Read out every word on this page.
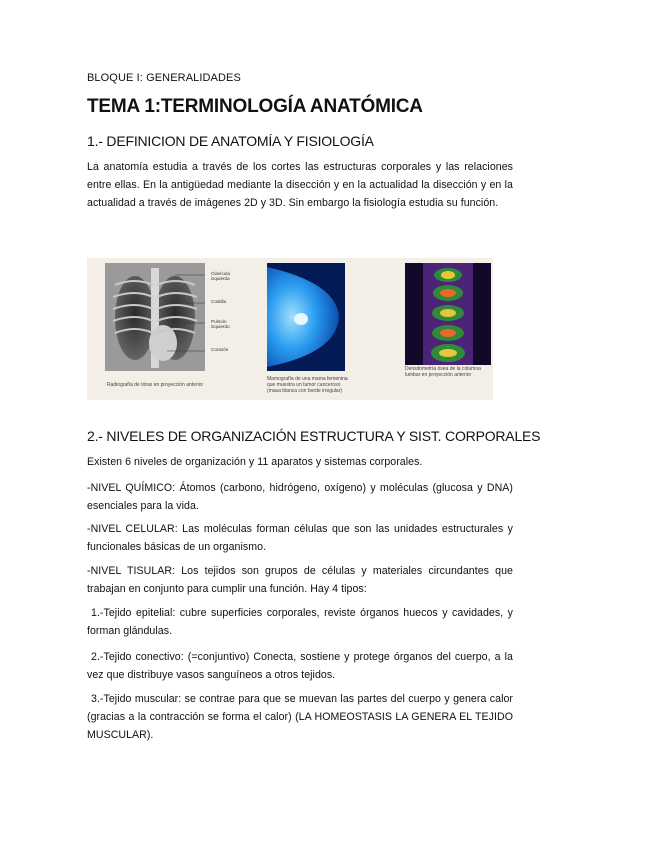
BLOQUE I: GENERALIDADES
TEMA 1:TERMINOLOGÍA ANATÓMICA
1.- DEFINICION DE ANATOMÍA Y FISIOLOGÍA
La anatomía estudia a través de los cortes las estructuras corporales y las relaciones entre ellas. En la antigüedad mediante la disección y en la actualidad la disección y en la actualidad a través de imágenes 2D y 3D. Sin embargo la fisiología estudia su función.
Clavícula izquierda
Costilla
Pulmón izquierdo
Corazón
Radiografía de tórax en proyección anterior
Mamografía de una mama femenina que muestra un tumor canceroso (masa blanca con borde irregular)
Densitometría ósea de la columna lumbar en proyección anterior
2.- NIVELES DE ORGANIZACIÓN ESTRUCTURA Y SIST. CORPORALES
Existen 6 niveles de organización y 11 aparatos y sistemas corporales.
-NIVEL QUÍMICO: Átomos (carbono, hidrógeno, oxígeno) y moléculas (glucosa y DNA) esenciales para la vida.
-NIVEL CELULAR: Las moléculas forman células que son las unidades estructurales y funcionales básicas de un organismo.
-NIVEL TISULAR: Los tejidos son grupos de células y materiales circundantes que trabajan en conjunto para cumplir una función. Hay 4 tipos:
1.-Tejido epitelial: cubre superficies corporales, reviste órganos huecos y cavidades, y forman glándulas.
2.-Tejido conectivo: (=conjuntivo) Conecta, sostiene y protege órganos del cuerpo, a la vez que distribuye vasos sanguíneos a otros tejidos.
3.-Tejido muscular: se contrae para que se muevan las partes del cuerpo y genera calor (gracias a la contracción se forma el calor) (LA HOMEOSTASIS LA GENERA EL TEJIDO MUSCULAR).
